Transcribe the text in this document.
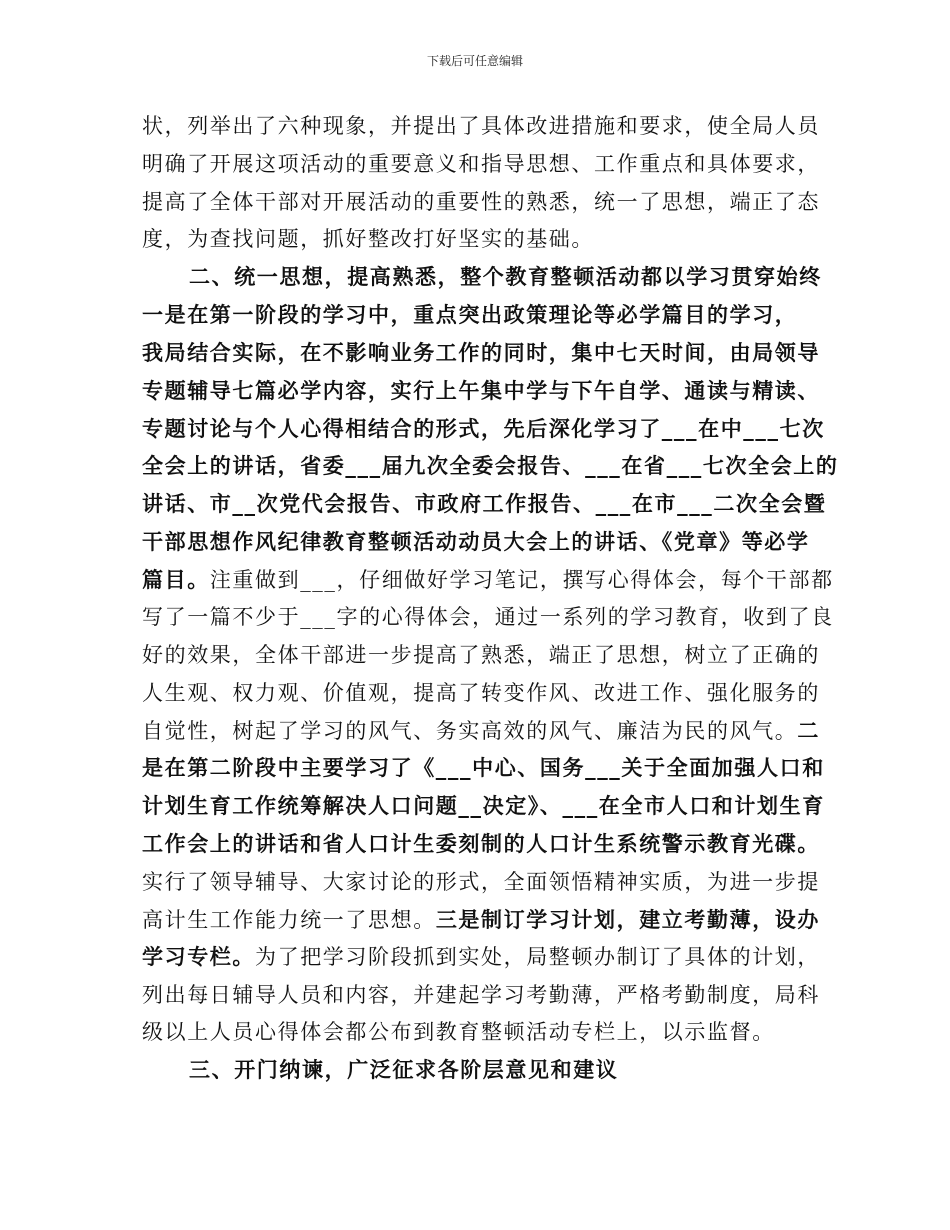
下载后可任意编辑
状，列举出了六种现象，并提出了具体改进措施和要求，使全局人员
明确了开展这项活动的重要意义和指导思想、工作重点和具体要求，
提高了全体干部对开展活动的重要性的熟悉，统一了思想，端正了态
度，为查找问题，抓好整改打好坚实的基础。
二、统一思想，提高熟悉，整个教育整顿活动都以学习贯穿始终
一是在第一阶段的学习中，重点突出政策理论等必学篇目的学习，
我局结合实际，在不影响业务工作的同时，集中七天时间，由局领导
专题辅导七篇必学内容，实行上午集中学与下午自学、通读与精读、
专题讨论与个人心得相结合的形式，先后深化学习了___在中___七次
全会上的讲话，省委___届九次全委会报告、___在省___七次全会上的
讲话、市__次党代会报告、市政府工作报告、___在市___二次全会暨
干部思想作风纪律教育整顿活动动员大会上的讲话、《党章》等必学
篇目。注重做到___，仔细做好学习笔记，撰写心得体会，每个干部都
写了一篇不少于___字的心得体会，通过一系列的学习教育，收到了良
好的效果，全体干部进一步提高了熟悉，端正了思想，树立了正确的
人生观、权力观、价值观，提高了转变作风、改进工作、强化服务的
自觉性，树起了学习的风气、务实高效的风气、廉洁为民的风气。二
是在第二阶段中主要学习了《___中心、国务___关于全面加强人口和
计划生育工作统筹解决人口问题__决定》、___在全市人口和计划生育
工作会上的讲话和省人口计生委刻制的人口计生系统警示教育光碟。
实行了领导辅导、大家讨论的形式，全面领悟精神实质，为进一步提
高计生工作能力统一了思想。三是制订学习计划，建立考勤薄，设办
学习专栏。为了把学习阶段抓到实处，局整顿办制订了具体的计划，
列出每日辅导人员和内容，并建起学习考勤薄，严格考勤制度，局科
级以上人员心得体会都公布到教育整顿活动专栏上，以示监督。
三、开门纳谏，广泛征求各阶层意见和建议
